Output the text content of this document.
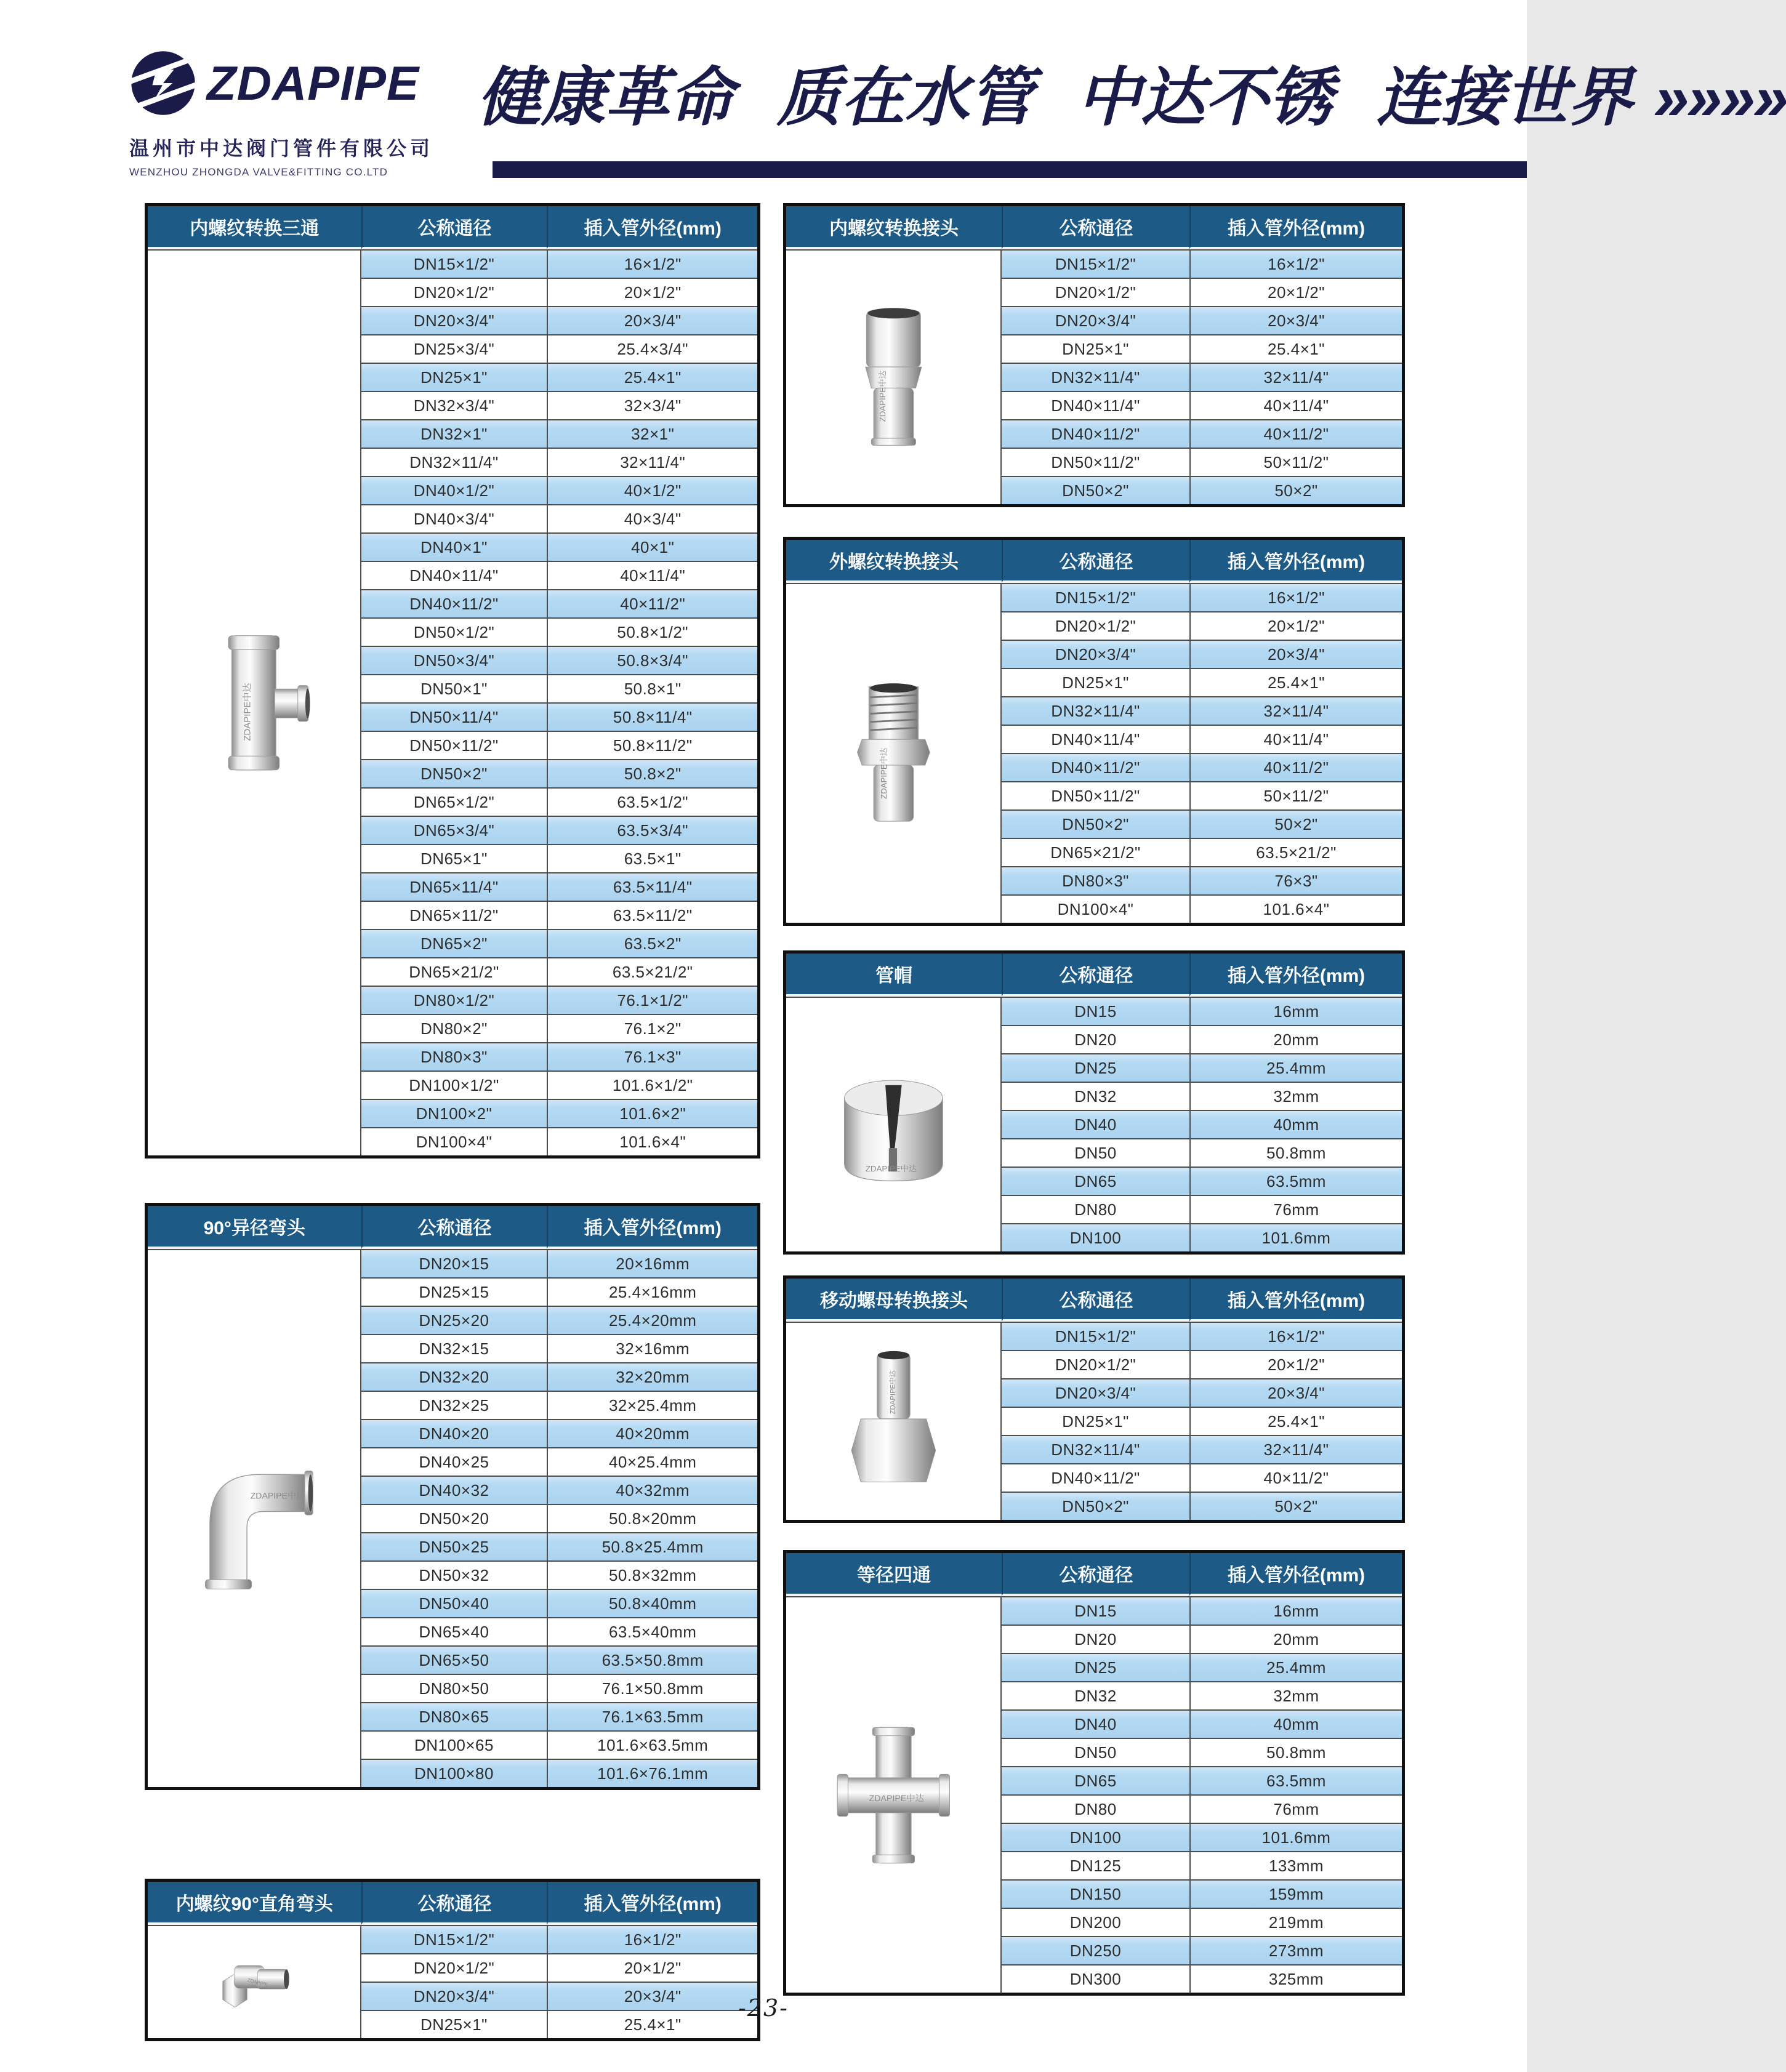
ZDAPIPE
温州市中达阀门管件有限公司
WENZHOU ZHONGDA VALVE&FITTING CO.LTD
健康革命 质在水管 中达不锈 连接世界 »»»»
内螺纹转换三通	公称通径	插入管外径(mm)
ZDAPIPE中达
DN15×1/2"	16×1/2"
DN20×1/2"	20×1/2"
DN20×3/4"	20×3/4"
DN25×3/4"	25.4×3/4"
DN25×1"	25.4×1"
DN32×3/4"	32×3/4"
DN32×1"	32×1"
DN32×11/4"	32×11/4"
DN40×1/2"	40×1/2"
DN40×3/4"	40×3/4"
DN40×1"	40×1"
DN40×11/4"	40×11/4"
DN40×11/2"	40×11/2"
DN50×1/2"	50.8×1/2"
DN50×3/4"	50.8×3/4"
DN50×1"	50.8×1"
DN50×11/4"	50.8×11/4"
DN50×11/2"	50.8×11/2"
DN50×2"	50.8×2"
DN65×1/2"	63.5×1/2"
DN65×3/4"	63.5×3/4"
DN65×1"	63.5×1"
DN65×11/4"	63.5×11/4"
DN65×11/2"	63.5×11/2"
DN65×2"	63.5×2"
DN65×21/2"	63.5×21/2"
DN80×1/2"	76.1×1/2"
DN80×2"	76.1×2"
DN80×3"	76.1×3"
DN100×1/2"	101.6×1/2"
DN100×2"	101.6×2"
DN100×4"	101.6×4"
90°异径弯头	公称通径	插入管外径(mm)
ZDAPIPE中达
DN20×15	20×16mm
DN25×15	25.4×16mm
DN25×20	25.4×20mm
DN32×15	32×16mm
DN32×20	32×20mm
DN32×25	32×25.4mm
DN40×20	40×20mm
DN40×25	40×25.4mm
DN40×32	40×32mm
DN50×20	50.8×20mm
DN50×25	50.8×25.4mm
DN50×32	50.8×32mm
DN50×40	50.8×40mm
DN65×40	63.5×40mm
DN65×50	63.5×50.8mm
DN80×50	76.1×50.8mm
DN80×65	76.1×63.5mm
DN100×65	101.6×63.5mm
DN100×80	101.6×76.1mm
内螺纹90°直角弯头	公称通径	插入管外径(mm)
ZDAPIPE
DN15×1/2"	16×1/2"
DN20×1/2"	20×1/2"
DN20×3/4"	20×3/4"
DN25×1"	25.4×1"
内螺纹转换接头	公称通径	插入管外径(mm)
ZDAPIPE中达
DN15×1/2"	16×1/2"
DN20×1/2"	20×1/2"
DN20×3/4"	20×3/4"
DN25×1"	25.4×1"
DN32×11/4"	32×11/4"
DN40×11/4"	40×11/4"
DN40×11/2"	40×11/2"
DN50×11/2"	50×11/2"
DN50×2"	50×2"
外螺纹转换接头	公称通径	插入管外径(mm)
ZDAPIPE中达
DN15×1/2"	16×1/2"
DN20×1/2"	20×1/2"
DN20×3/4"	20×3/4"
DN25×1"	25.4×1"
DN32×11/4"	32×11/4"
DN40×11/4"	40×11/4"
DN40×11/2"	40×11/2"
DN50×11/2"	50×11/2"
DN50×2"	50×2"
DN65×21/2"	63.5×21/2"
DN80×3"	76×3"
DN100×4"	101.6×4"
管帽	公称通径	插入管外径(mm)
ZDAPIPE中达
DN15	16mm
DN20	20mm
DN25	25.4mm
DN32	32mm
DN40	40mm
DN50	50.8mm
DN65	63.5mm
DN80	76mm
DN100	101.6mm
移动螺母转换接头	公称通径	插入管外径(mm)
ZDAPIPE中达
DN15×1/2"	16×1/2"
DN20×1/2"	20×1/2"
DN20×3/4"	20×3/4"
DN25×1"	25.4×1"
DN32×11/4"	32×11/4"
DN40×11/2"	40×11/2"
DN50×2"	50×2"
等径四通	公称通径	插入管外径(mm)
ZDAPIPE中达
DN15	16mm
DN20	20mm
DN25	25.4mm
DN32	32mm
DN40	40mm
DN50	50.8mm
DN65	63.5mm
DN80	76mm
DN100	101.6mm
DN125	133mm
DN150	159mm
DN200	219mm
DN250	273mm
DN300	325mm
-23-
